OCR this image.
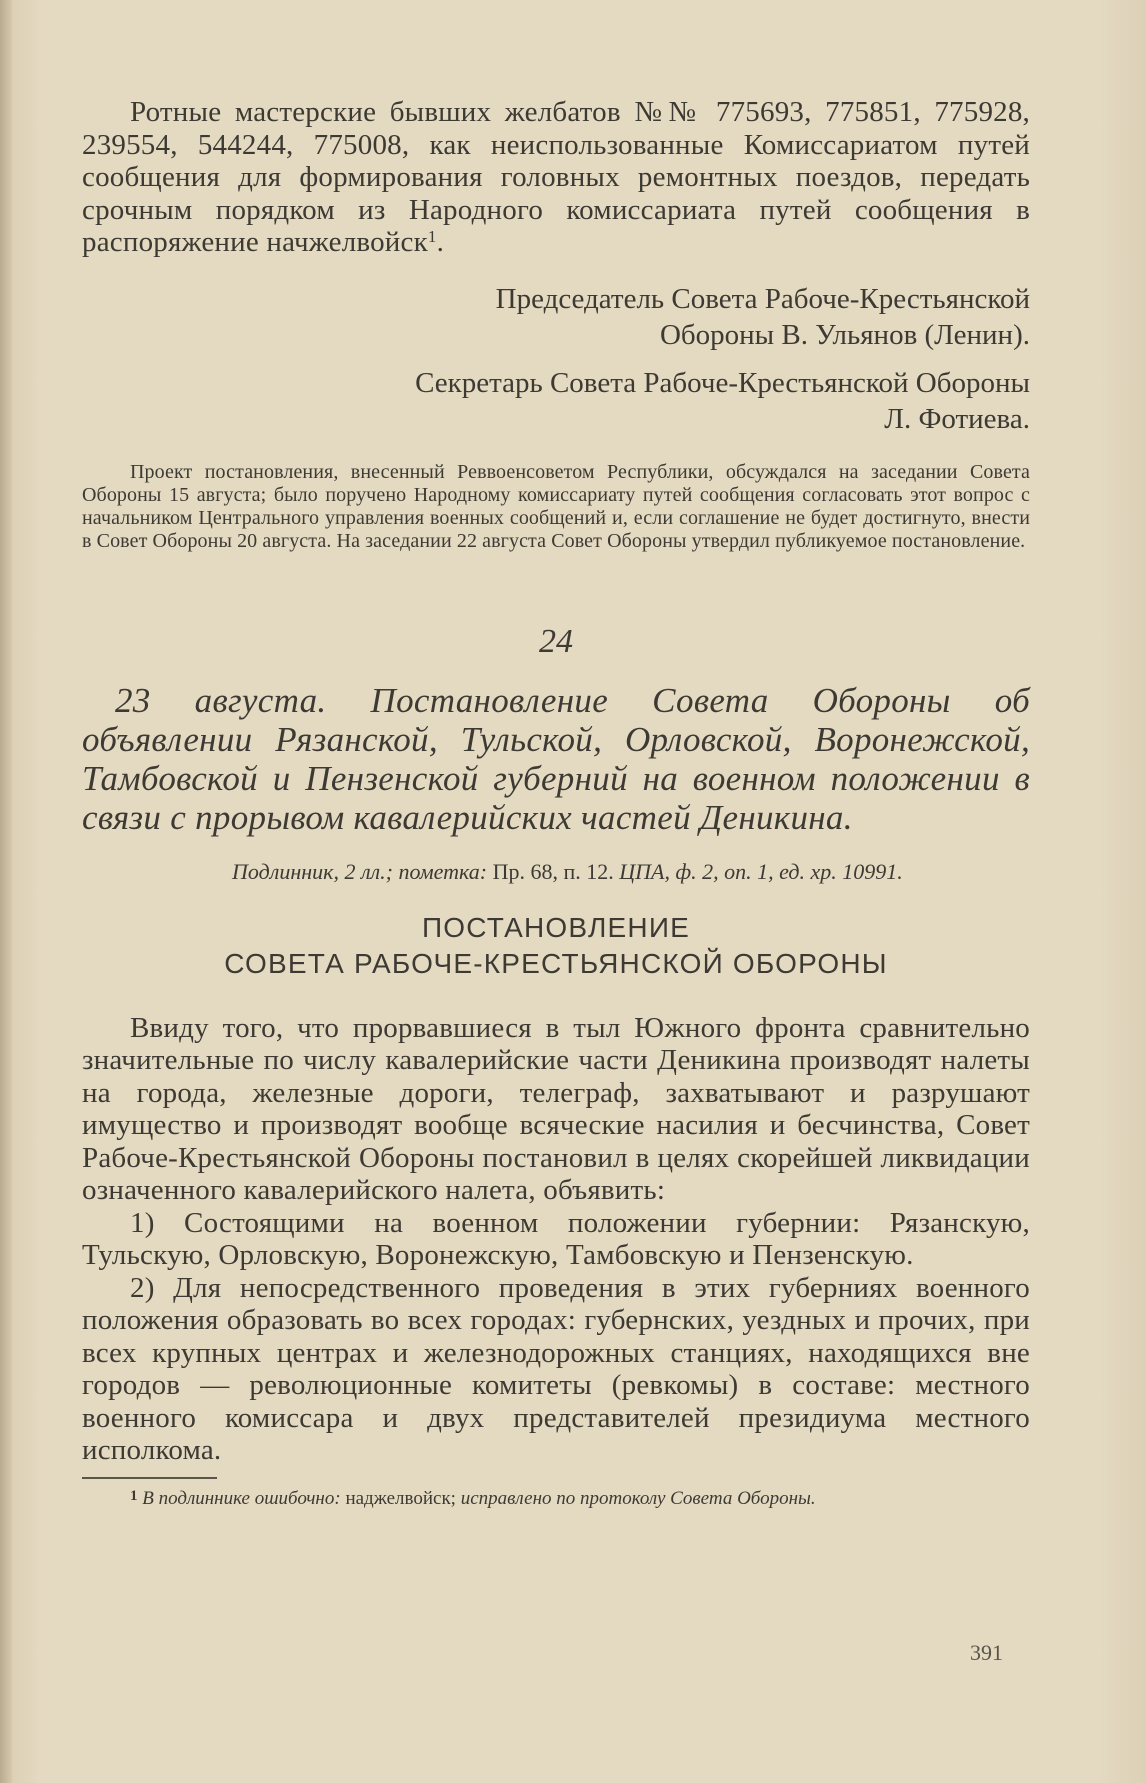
Ротные мастерские бывших желбатов №№ 775693, 775851, 775928, 239554, 544244, 775008, как неиспользованные Комиссариатом путей сообщения для формирования головных ремонтных поездов, передать срочным порядком из Народного комиссариата путей сообщения в распоряжение начжелвойск$^1$.

Председатель Совета Рабоче-Крестьянской
Обороны В. Ульянов (Ленин).
Секретарь Совета Рабоче-Крестьянской Обороны
Л. Фотиева.

Проект постановления, внесенный Реввоенсоветом Республики, обсуждался на заседании Совета Обороны 15 августа; было поручено Народному комиссариату путей сообщения согласовать этот вопрос с начальником Центрального управления военных сообщений и, если соглашение не будет достигнуто, внести в Совет Обороны 20 августа. На заседании 22 августа Совет Обороны утвердил публикуемое постановление.

24

23 августа. Постановление Совета Обороны об объявлении Рязанской, Тульской, Орловской, Воронежской, Тамбовской и Пензенской губерний на военном положении в связи с прорывом кавалерийских частей Деникина.

Подлинник, 2 лл.; пометка: Пр. 68, п. 12. ЦПА, ф. 2, оп. 1, ед. хр. 10991.

ПОСТАНОВЛЕНИЕ
СОВЕТА РАБОЧЕ-КРЕСТЬЯНСКОЙ ОБОРОНЫ

Ввиду того, что прорвавшиеся в тыл Южного фронта сравнительно значительные по числу кавалерийские части Деникина производят налеты на города, железные дороги, телеграф, захватывают и разрушают имущество и производят вообще всяческие насилия и бесчинства, Совет Рабоче-Крестьянской Обороны постановил в целях скорейшей ликвидации означенного кавалерийского налета, объявить:

1) Состоящими на военном положении губернии: Рязанскую, Тульскую, Орловскую, Воронежскую, Тамбовскую и Пензенскую.

2) Для непосредственного проведения в этих губерниях военного положения образовать во всех городах: губернских, уездных и прочих, при всех крупных центрах и железнодорожных станциях, находящихся вне городов — революционные комитеты (ревкомы) в составе: местного военного комиссара и двух представителей президиума местного исполкома.

$^1$ В подлиннике ошибочно: наджелвойск; исправлено по протоколу Совета Обороны.

391
